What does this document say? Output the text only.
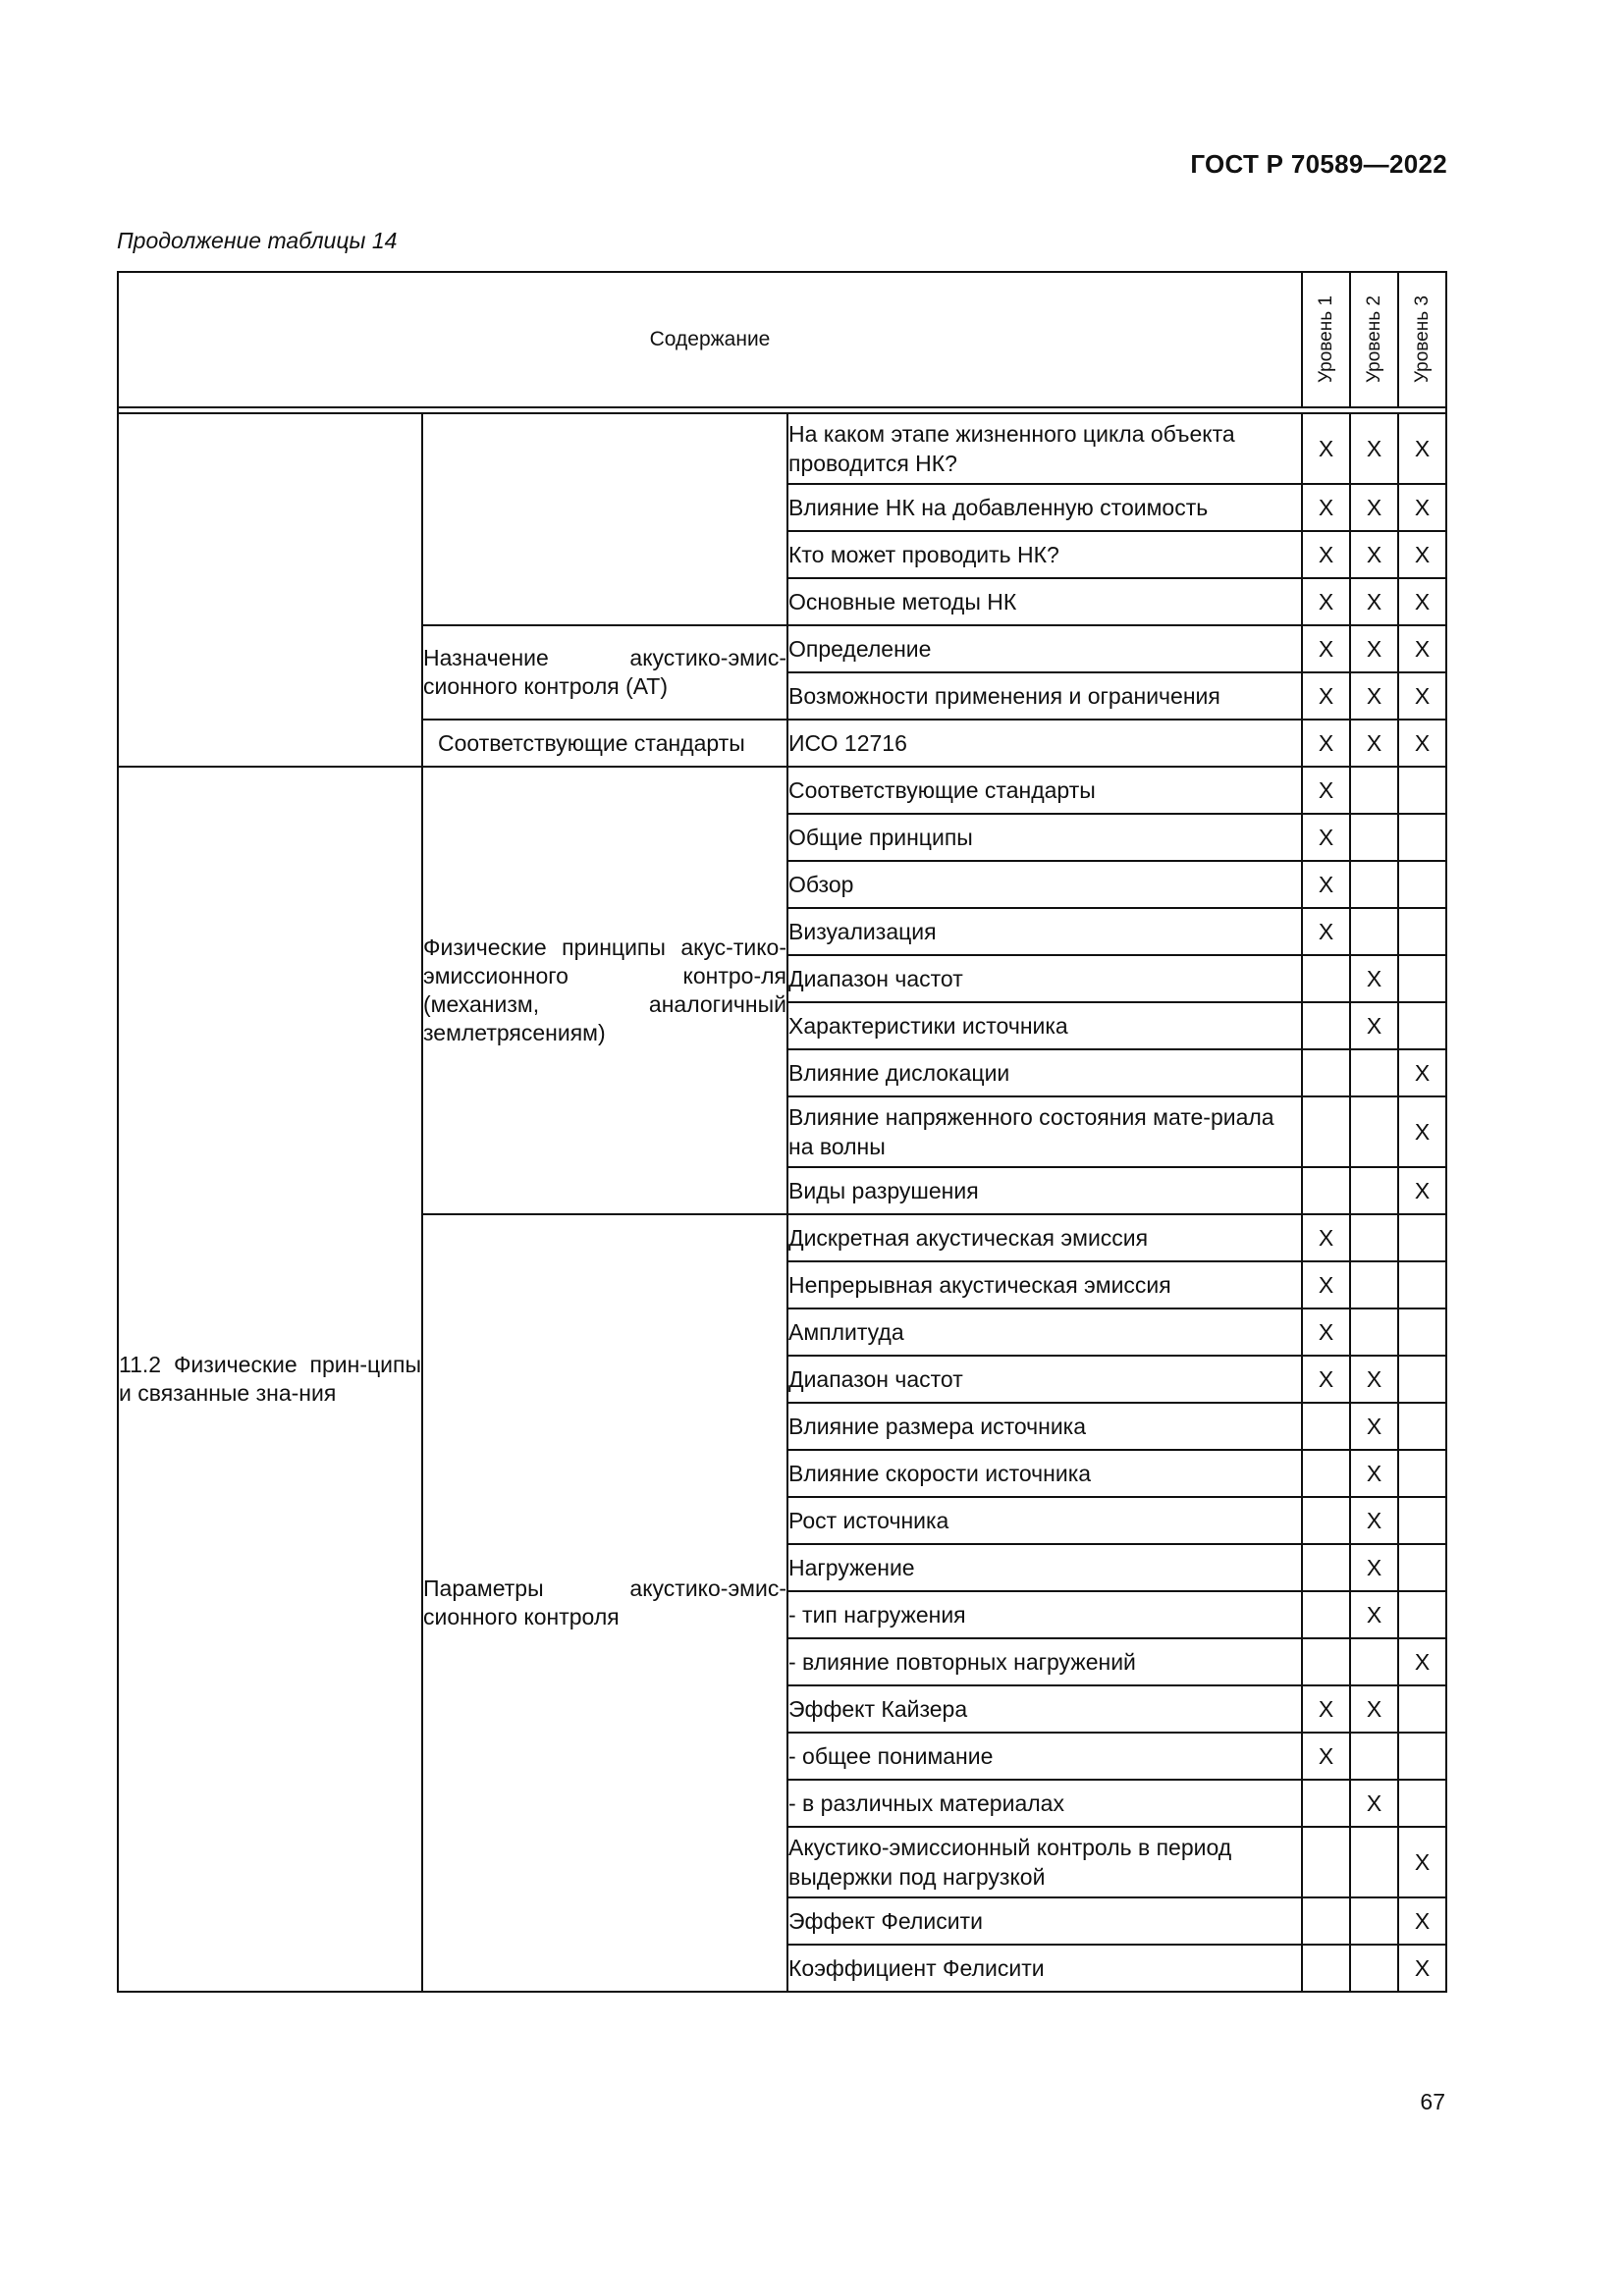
ГОСТ Р 70589—2022
Продолжение таблицы 14
Содержание			Уровень 1	Уровень 2	Уровень 3

		На каком этапе жизненного цикла объекта проводится НК?	X	X	X
		Влияние НК на добавленную стоимость	X	X	X
		Кто может проводить НК?	X	X	X
		Основные методы НК	X	X	X
	Назначение акустико-эмис-сионного контроля (АТ)	Определение	X	X	X
		Возможности применения и ограничения	X	X	X
	Соответствующие стандарты	ИСО 12716	X	X	X
11.2 Физические прин-ципы и связанные зна-ния	Физические принципы акус-тико-эмиссионного контро-ля (механизм, аналогичный землетрясениям)	Соответствующие стандарты	X		
		Общие принципы	X		
		Обзор	X		
		Визуализация	X		
		Диапазон частот		X	
		Характеристики источника		X	
		Влияние дислокации			X
		Влияние напряженного состояния мате-риала на волны			X
		Виды разрушения			X
	Параметры акустико-эмис-сионного контроля	Дискретная акустическая эмиссия	X		
		Непрерывная акустическая эмиссия	X		
		Амплитуда	X		
		Диапазон частот	X	X	
		Влияние размера источника		X	
		Влияние скорости источника		X	
		Рост источника		X	
		Нагружение		X	
		- тип нагружения		X	
		- влияние повторных нагружений			X
		Эффект Кайзера	X	X	
		- общее понимание	X		
		- в различных материалах		X	
		Акустико-эмиссионный контроль в период выдержки под нагрузкой			X
		Эффект Фелисити			X
		Коэффициент Фелисити			X
67
